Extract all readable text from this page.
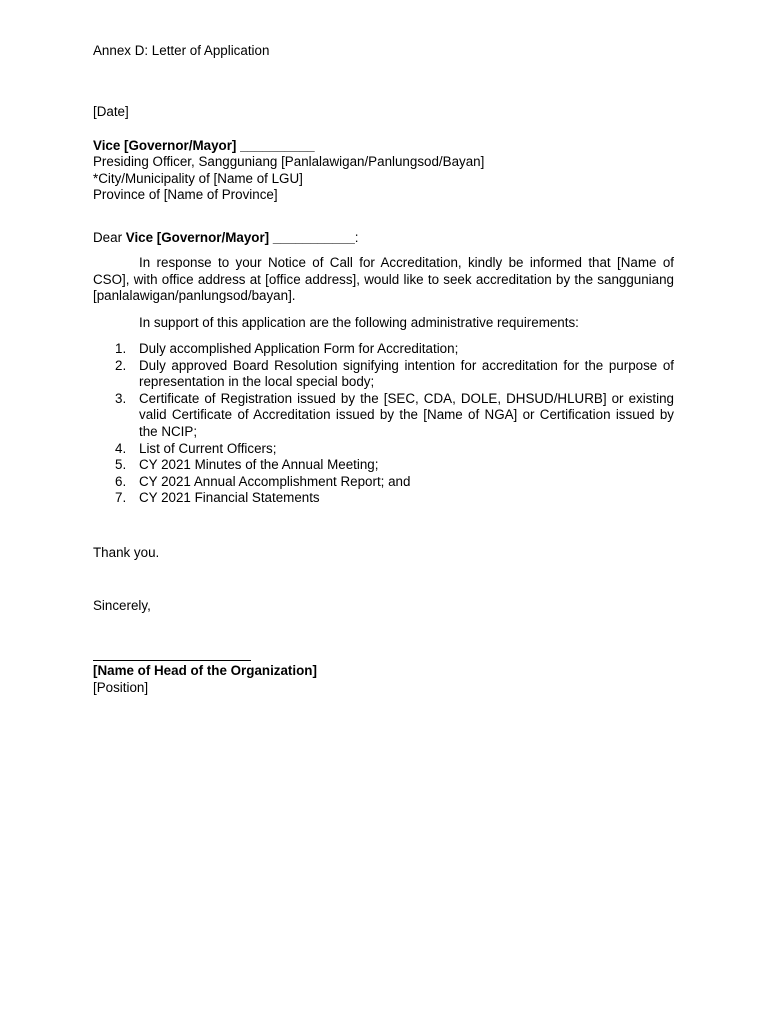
Annex D: Letter of Application
[Date]
Vice [Governor/Mayor] __________
Presiding Officer, Sangguniang [Panlalawigan/Panlungsod/Bayan]
*City/Municipality of [Name of LGU]
Province of [Name of Province]
Dear Vice [Governor/Mayor] ___________:
In response to your Notice of Call for Accreditation, kindly be informed that [Name of CSO], with office address at [office address], would like to seek accreditation by the sangguniang [panlalawigan/panlungsod/bayan].
In support of this application are the following administrative requirements:
1. Duly accomplished Application Form for Accreditation;
2. Duly approved Board Resolution signifying intention for accreditation for the purpose of representation in the local special body;
3. Certificate of Registration issued by the [SEC, CDA, DOLE, DHSUD/HLURB] or existing valid Certificate of Accreditation issued by the [Name of NGA] or Certification issued by the NCIP;
4. List of Current Officers;
5. CY 2021 Minutes of the Annual Meeting;
6. CY 2021 Annual Accomplishment Report; and
7. CY 2021 Financial Statements
Thank you.
Sincerely,
[Name of Head of the Organization]
[Position]
